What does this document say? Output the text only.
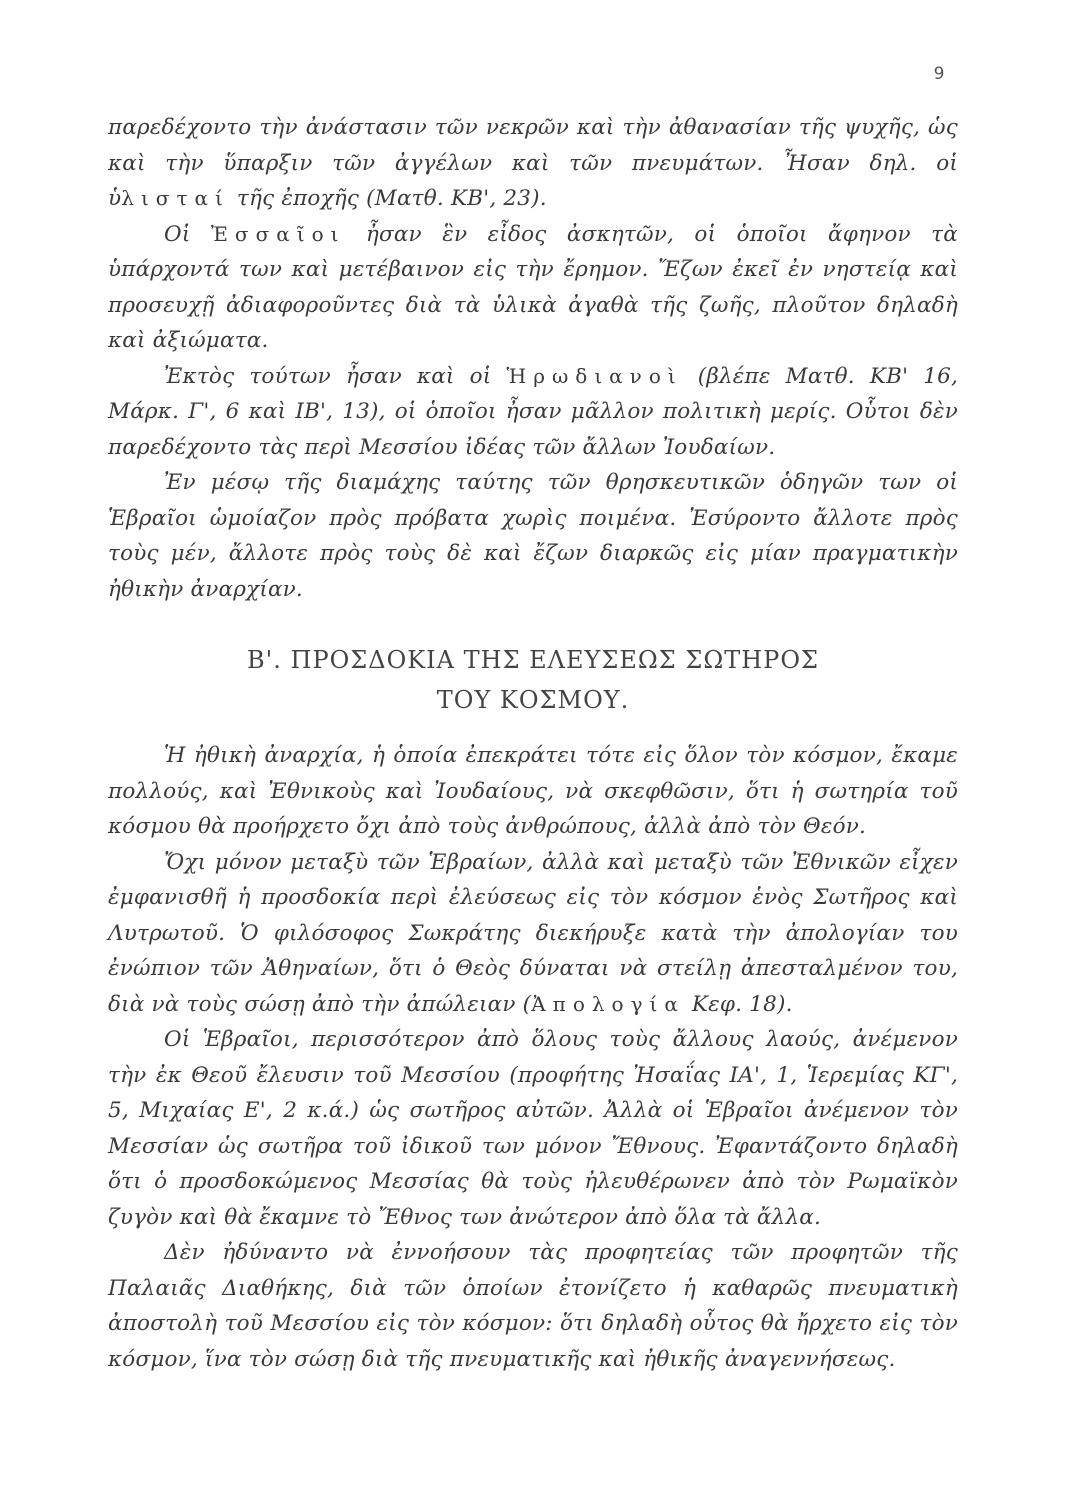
9

παρεδέχοντο τὴν ἀνάστασιν τῶν νεκρῶν καὶ τὴν ἀθανασίαν τῆς ψυχῆς, ὡς καὶ τὴν ὕπαρξιν τῶν ἀγγέλων καὶ τῶν πνευμάτων. Ἦσαν δηλ. οἱ ὑλισταί τῆς ἐποχῆς (Ματθ. ΚΒ', 23).

Οἱ Ἐσσαῖοι ἦσαν ἓν εἶδος ἀσκητῶν, οἱ ὁποῖοι ἄφηνον τὰ ὑπάρχοντά των καὶ μετέβαινον εἰς τὴν ἔρημον. Ἔζων ἐκεῖ ἐν νηστείᾳ καὶ προσευχῇ ἀδιαφοροῦντες διὰ τὰ ὑλικὰ ἀγαθὰ τῆς ζωῆς, πλοῦτον δηλαδὴ καὶ ἀξιώματα.

Ἐκτὸς τούτων ἦσαν καὶ οἱ Ἡρωδιανοὶ (βλέπε Ματθ. ΚΒ' 16, Μάρκ. Γ', 6 καὶ ΙΒ', 13), οἱ ὁποῖοι ἦσαν μᾶλλον πολιτικὴ μερίς. Οὗτοι δὲν παρεδέχοντο τὰς περὶ Μεσσίου ἰδέας τῶν ἄλλων Ἰουδαίων.

Ἐν μέσῳ τῆς διαμάχης ταύτης τῶν θρησκευτικῶν ὁδηγῶν των οἱ Ἑβραῖοι ὡμοίαζον πρὸς πρόβατα χωρὶς ποιμένα. Ἐσύροντο ἄλλοτε πρὸς τοὺς μέν, ἄλλοτε πρὸς τοὺς δὲ καὶ ἔζων διαρκῶς εἰς μίαν πραγματικὴν ἠθικὴν ἀναρχίαν.

Β'. ΠΡΟΣΔΟΚΙΑ ΤΗΣ ΕΛΕΥΣΕΩΣ ΣΩΤΗΡΟΣ
ΤΟΥ ΚΟΣΜΟΥ.

Ἡ ἠθικὴ ἀναρχία, ἡ ὁποία ἐπεκράτει τότε εἰς ὅλον τὸν κόσμον, ἔκαμε πολλούς, καὶ Ἐθνικοὺς καὶ Ἰουδαίους, νὰ σκεφθῶσιν, ὅτι ἡ σωτηρία τοῦ κόσμου θὰ προήρχετο ὄχι ἀπὸ τοὺς ἀνθρώπους, ἀλλὰ ἀπὸ τὸν Θεόν.

Ὄχι μόνον μεταξὺ τῶν Ἑβραίων, ἀλλὰ καὶ μεταξὺ τῶν Ἐθνικῶν εἶχεν ἐμφανισθῆ ἡ προσδοκία περὶ ἐλεύσεως εἰς τὸν κόσμον ἑνὸς Σωτῆρος καὶ Λυτρωτοῦ. Ὁ φιλόσοφος Σωκράτης διεκήρυξε κατὰ τὴν ἀπολογίαν του ἐνώπιον τῶν Ἀθηναίων, ὅτι ὁ Θεὸς δύναται νὰ στείλῃ ἀπεσταλμένον του, διὰ νὰ τοὺς σώσῃ ἀπὸ τὴν ἀπώλειαν (Ἀπολογία Κεφ. 18).

Οἱ Ἑβραῖοι, περισσότερον ἀπὸ ὅλους τοὺς ἄλλους λαούς, ἀνέμενον τὴν ἐκ Θεοῦ ἔλευσιν τοῦ Μεσσίου (προφήτης Ἠσαΐας ΙΑ', 1, Ἱερεμίας ΚΓ', 5, Μιχαίας Ε', 2 κ.ά.) ὡς σωτῆρος αὐτῶν. Ἀλλὰ οἱ Ἑβραῖοι ἀνέμενον τὸν Μεσσίαν ὡς σωτῆρα τοῦ ἰδικοῦ των μόνον Ἔθνους. Ἐφαντάζοντο δηλαδὴ ὅτι ὁ προσδοκώμενος Μεσσίας θὰ τοὺς ἠλευθέρωνεν ἀπὸ τὸν Ρωμαϊκὸν ζυγὸν καὶ θὰ ἔκαμνε τὸ Ἔθνος των ἀνώτερον ἀπὸ ὅλα τὰ ἄλλα.

Δὲν ἠδύναντο νὰ ἐννοήσουν τὰς προφητείας τῶν προφητῶν τῆς Παλαιᾶς Διαθήκης, διὰ τῶν ὁποίων ἐτονίζετο ἡ καθαρῶς πνευματικὴ ἀποστολὴ τοῦ Μεσσίου εἰς τὸν κόσμον: ὅτι δηλαδὴ οὗτος θὰ ἤρχετο εἰς τὸν κόσμον, ἵνα τὸν σώσῃ διὰ τῆς πνευματικῆς καὶ ἠθικῆς ἀναγεννήσεως.
